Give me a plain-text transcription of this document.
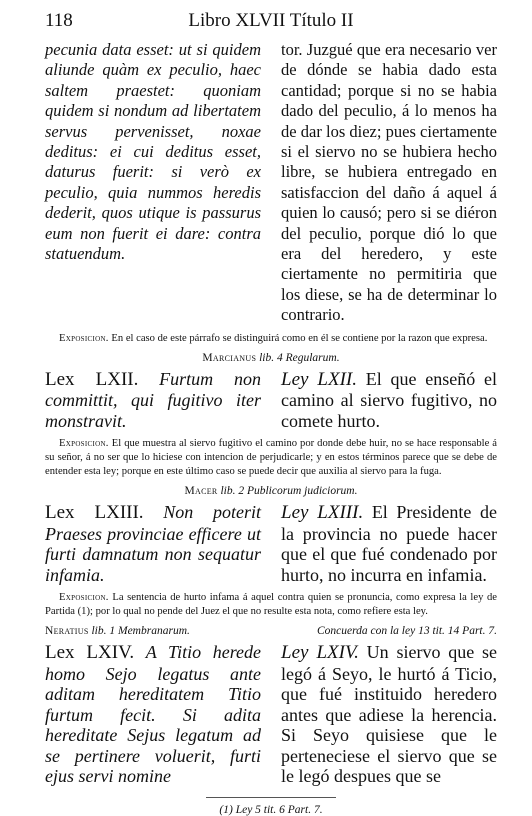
118	Libro XLVII Título II
pecunia data esset: ut si quidem aliunde quàm ex peculio, haec saltem praestet: quoniam quidem si nondum ad libertatem servus pervenisset, noxae deditus: ei cui deditus esset, daturus fuerit: si verò ex peculio, quia nummos heredis dederit, quos utique is passurus eum non fuerit ei dare: contra statuendum.
tor. Juzgué que era necesario ver de dónde se habia dado esta cantidad; porque si no se habia dado del peculio, á lo menos ha de dar los diez; pues ciertamente si el siervo no se hubiera hecho libre, se hubiera entregado en satisfaccion del daño á aquel á quien lo causó; pero si se diéron del peculio, porque dió lo que era del heredero, y este ciertamente no permitiria que los diese, se ha de determinar lo contrario.
Exposicion. En el caso de este párrafo se distinguirá como en él se contiene por la razon que expresa.
Marcianus lib. 4 Regularum.
Lex LXII. Furtum non committit, qui fugitivo iter monstravit.
Ley LXII. El que enseñó el camino al siervo fugitivo, no comete hurto.
Exposicion. El que muestra al siervo fugitivo el camino por donde debe huir, no se hace responsable á su señor, á no ser que lo hiciese con intencion de perjudicarle; y en estos términos parece que se debe de entender esta ley; porque en este último caso se puede decir que auxilia al siervo para la fuga.
Macer lib. 2 Publicorum judiciorum.
Lex LXIII. Non poterit Praeses provinciae efficere ut furti damnatum non sequatur infamia.
Ley LXIII. El Presidente de la provincia no puede hacer que el que fué condenado por hurto, no incurra en infamia.
Exposicion. La sentencia de hurto infama á aquel contra quien se pronuncia, como expresa la ley de Partida (1); por lo qual no pende del Juez el que no resulte esta nota, como refiere esta ley.
Neratius lib. 1 Membranarum.	Concuerda con la ley 13 tit. 14 Part. 7.
Lex LXIV. A Titio herede homo Sejo legatus ante aditam hereditatem Titio furtum fecit. Si adita hereditate Sejus legatum ad se pertinere voluerit, furti ejus servi nomine
Ley LXIV. Un siervo que se legó á Seyo, le hurtó á Ticio, que fué instituido heredero antes que adiese la herencia. Si Seyo quisiese que le perteneciese el siervo que se le legó despues que se
(1) Ley 5 tit. 6 Part. 7.
